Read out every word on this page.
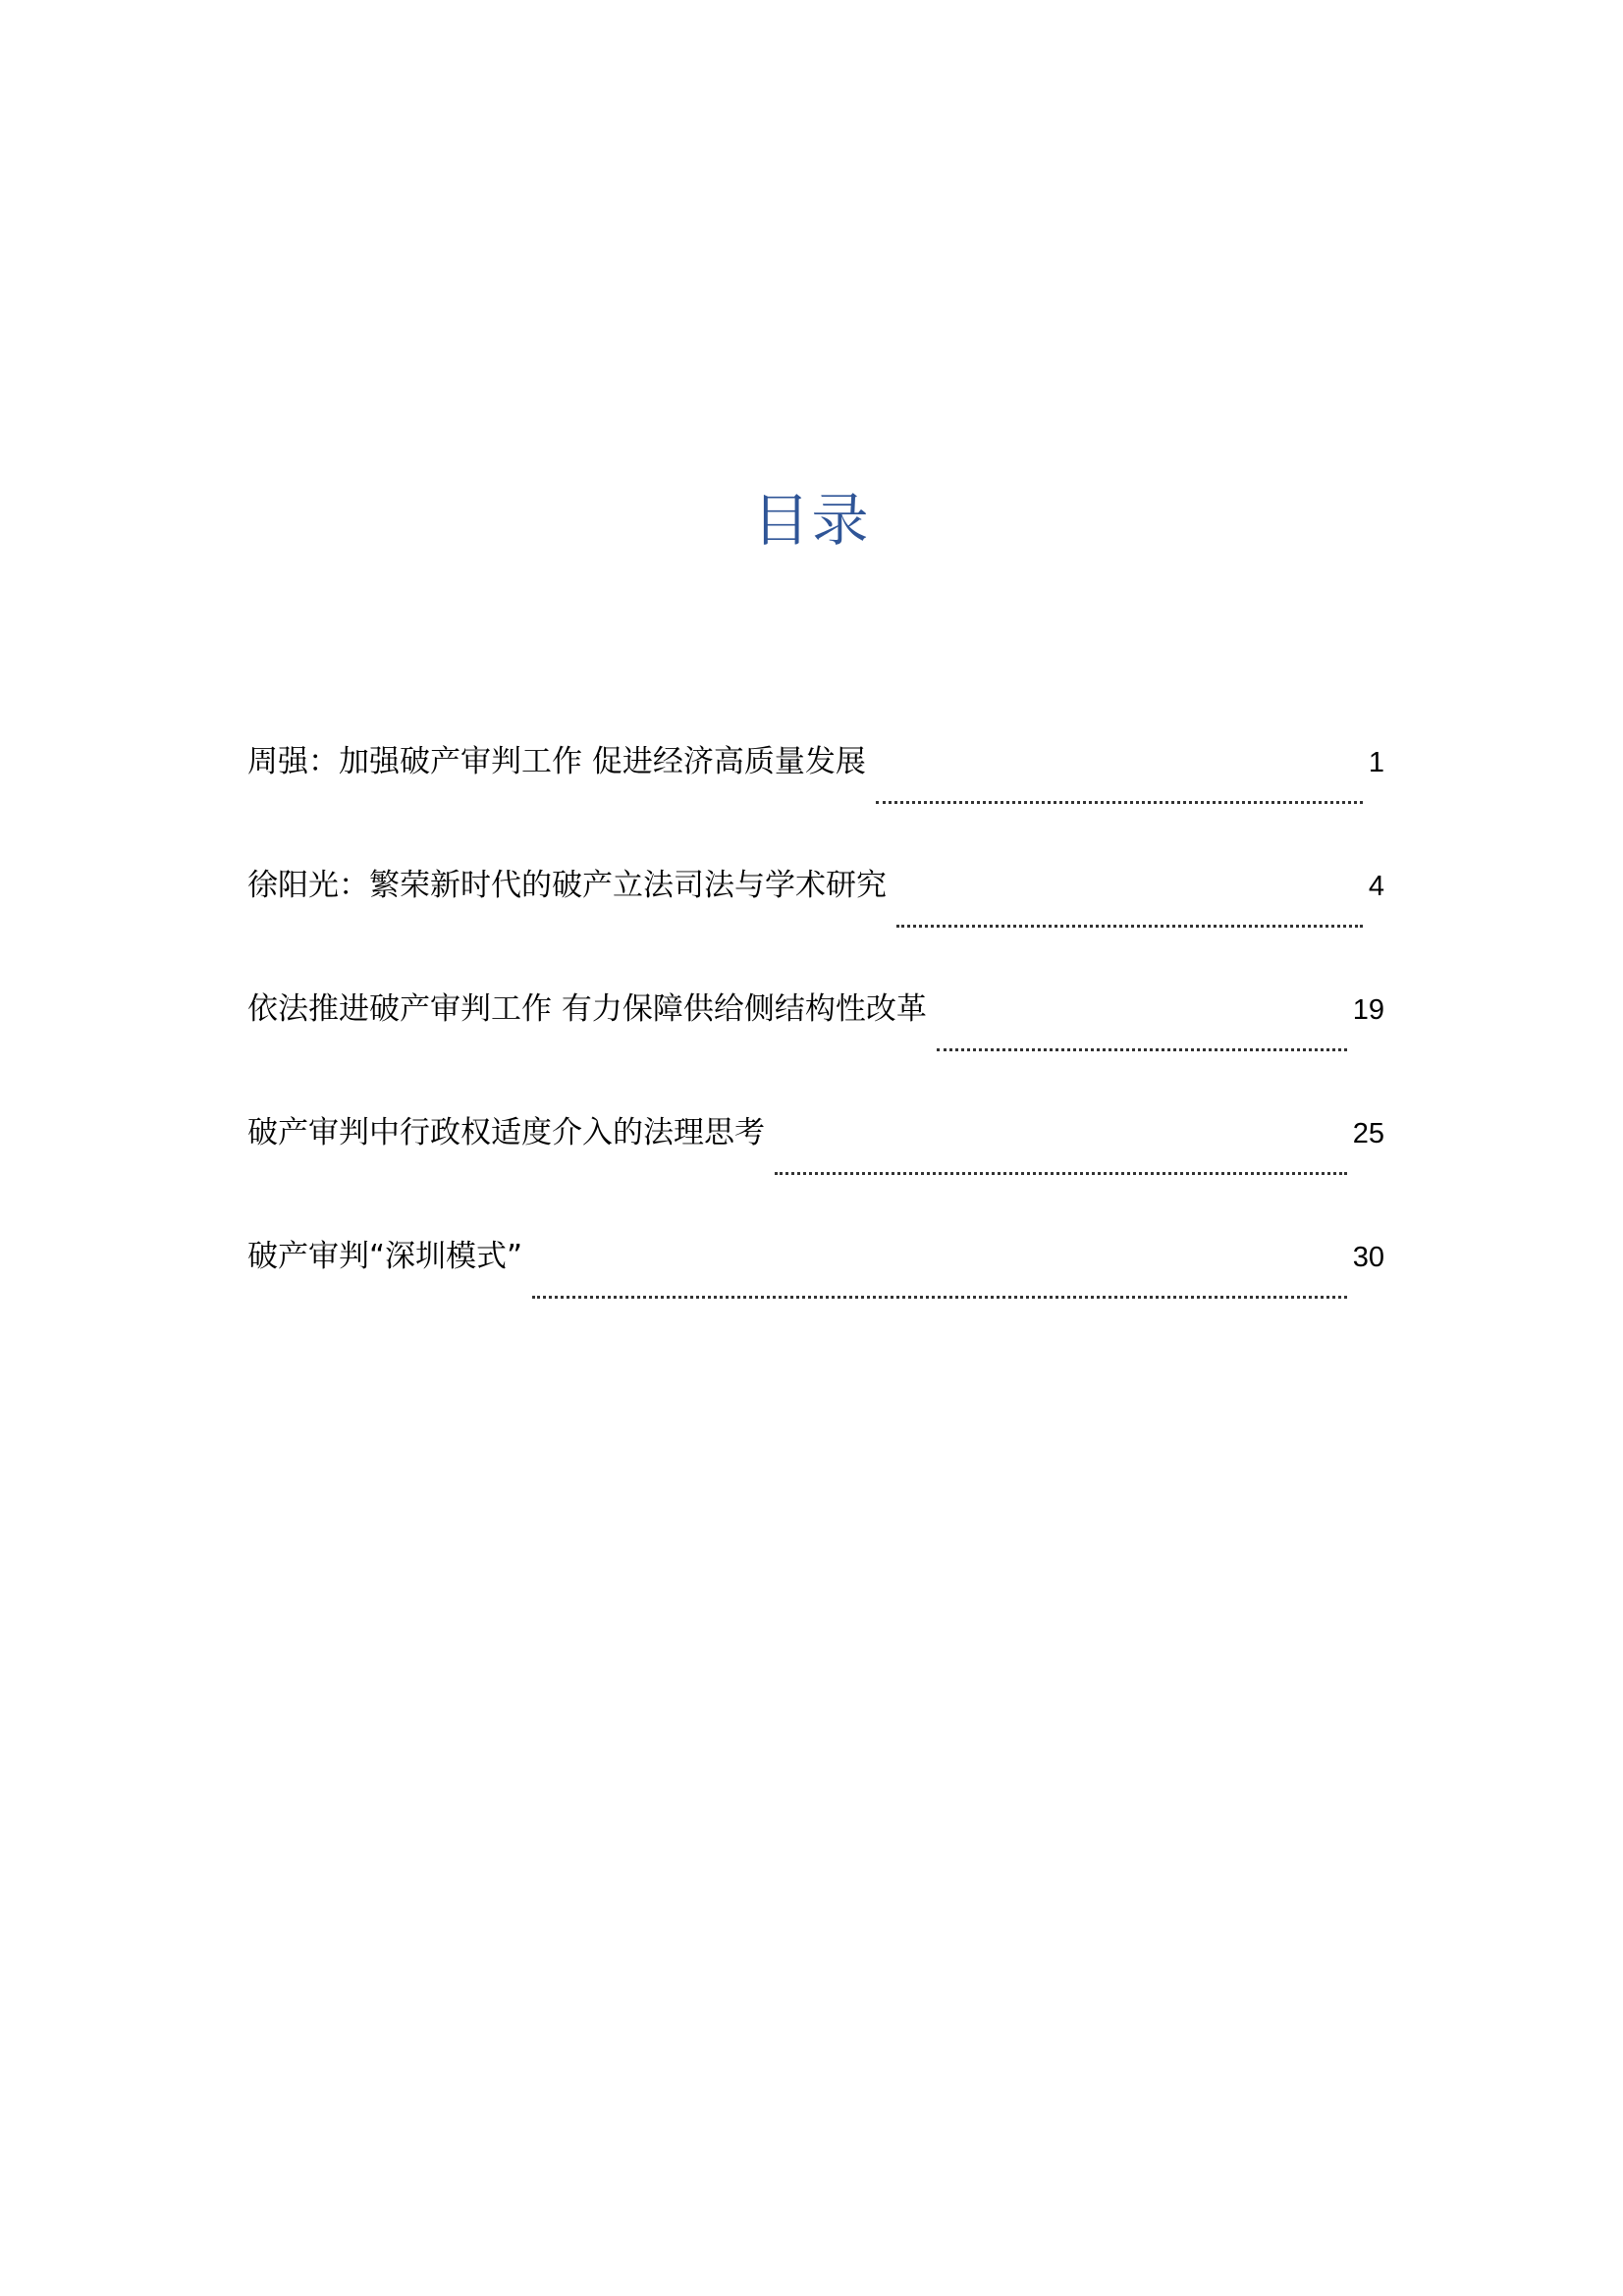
目录
周强：加强破产审判工作 促进经济高质量发展	1
徐阳光：繁荣新时代的破产立法司法与学术研究	4
依法推进破产审判工作 有力保障供给侧结构性改革	19
破产审判中行政权适度介入的法理思考	25
破产审判“深圳模式”	30
